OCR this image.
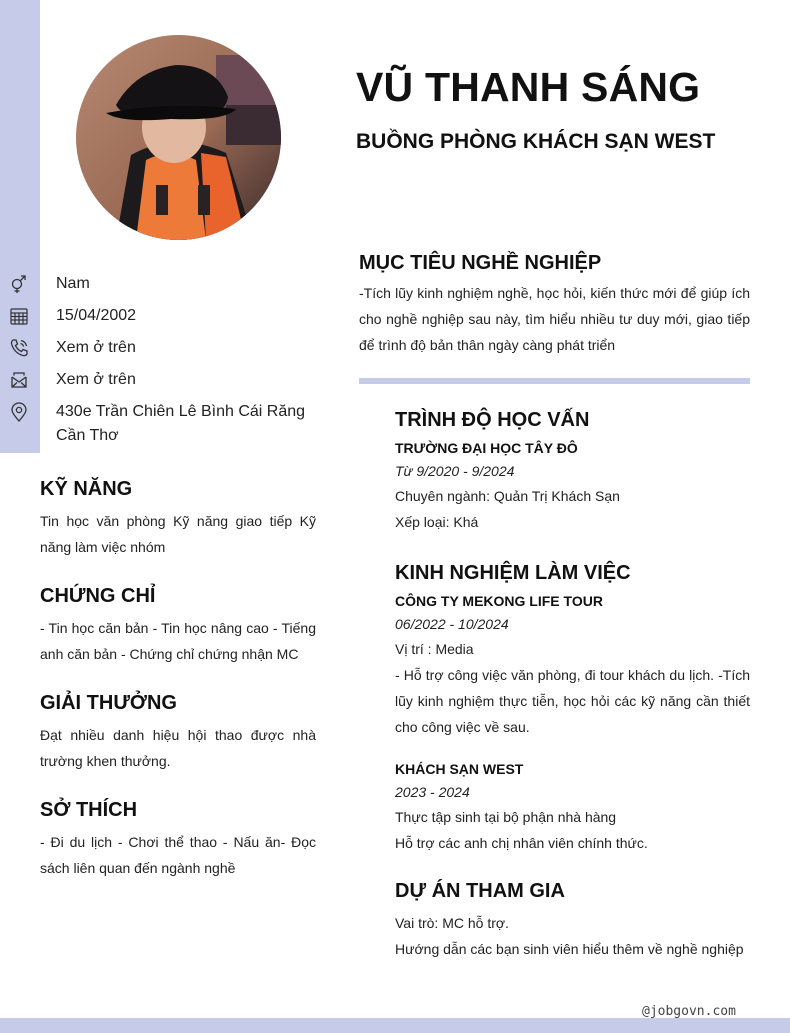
VŨ THANH SÁNG
BUỒNG PHÒNG KHÁCH SẠN WEST
Nam
15/04/2002
Xem ở trên
Xem ở trên
430e Trần Chiên Lê Bình Cái Răng Cần Thơ
KỸ NĂNG

Tin học văn phòng Kỹ năng giao tiếp Kỹ năng làm việc nhóm

CHỨNG CHỈ

- Tin học căn bản - Tin học nâng cao - Tiếng anh căn bản - Chứng chỉ chứng nhận MC

GIẢI THƯỞNG

Đạt nhiều danh hiệu hội thao được nhà trường khen thưởng.

SỞ THÍCH

- Đi du lịch - Chơi thể thao - Nấu ăn- Đọc sách liên quan đến ngành nghề

MỤC TIÊU NGHỀ NGHIỆP

-Tích lũy kinh nghiệm nghề, học hỏi, kiến thức mới để giúp ích cho nghề nghiệp sau này, tìm hiểu nhiều tư duy mới, giao tiếp để trình độ bản thân ngày càng phát triển

TRÌNH ĐỘ HỌC VẤN
TRƯỜNG ĐẠI HỌC TÂY ĐÔ
Từ 9/2020 - 9/2024
Chuyên ngành: Quản Trị Khách Sạn
Xếp loại: Khá
KINH NGHIỆM LÀM VIỆC
CÔNG TY MEKONG LIFE TOUR
06/2022 - 10/2024
Vị trí : Media
- Hỗ trợ công việc văn phòng, đi tour khách du lịch. -Tích lũy kinh nghiệm thực tiễn, học hỏi các kỹ năng cần thiết cho công việc về sau.
KHÁCH SẠN WEST
2023 - 2024
Thực tập sinh tại bộ phận nhà hàng
Hỗ trợ các anh chị nhân viên chính thức.
DỰ ÁN THAM GIA
Vai trò: MC hỗ trợ.
Hướng dẫn các bạn sinh viên hiểu thêm về nghề nghiệp
@jobgovn.com
